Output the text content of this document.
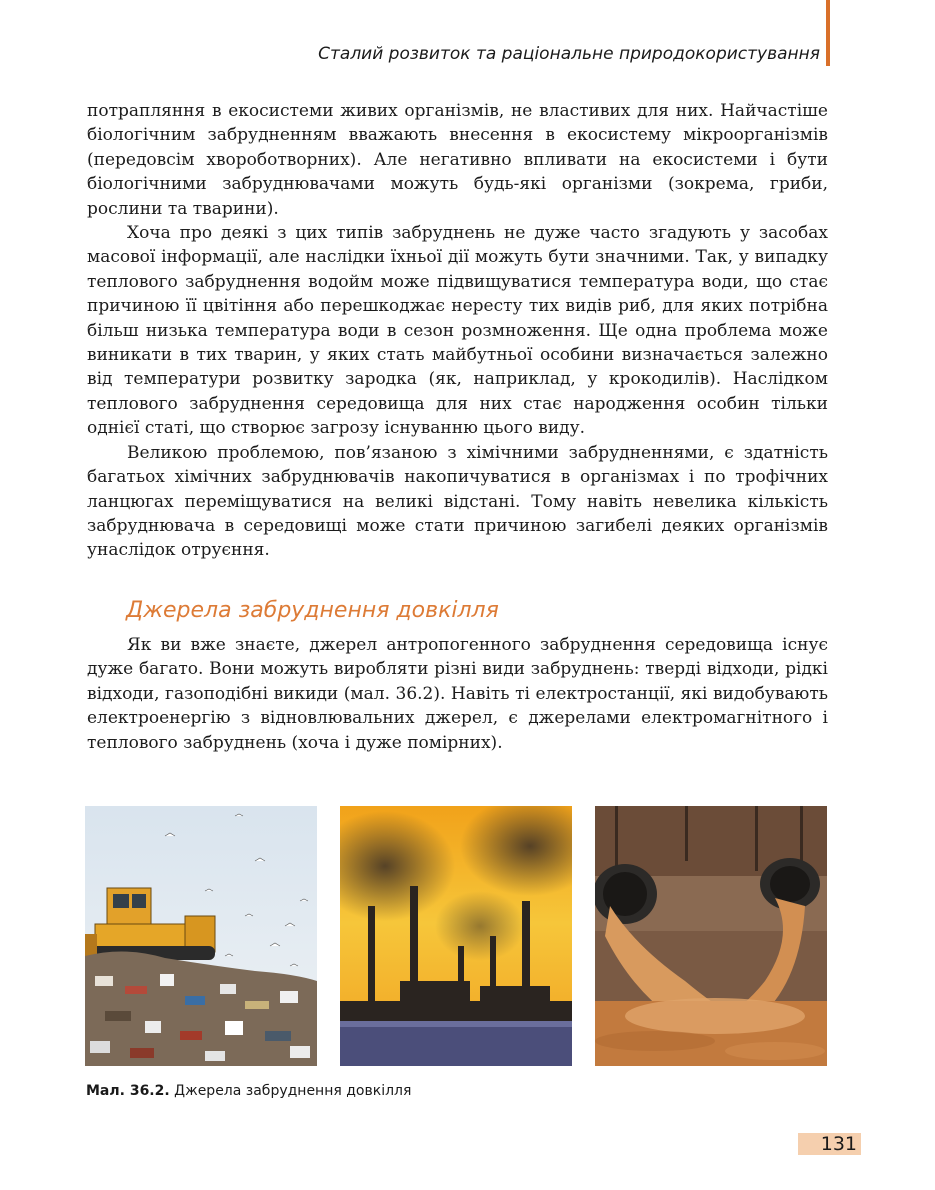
Сталий розвиток та раціональне природокористування

потрапляння в екосистеми живих організмів, не властивих для них. Найчастіше біологічним забрудненням вважають внесення в екосистему мікроорганізмів (передовсім хвороботворних). Але негативно впливати на екосистеми і бути біологічними забруднювачами можуть будь-які організми (зокрема, гриби, рослини та тварини).

Хоча про деякі з цих типів забруднень не дуже часто згадують у засобах масової інформації, але наслідки їхньої дії можуть бути значними. Так, у випадку теплового забруднення водойм може підвищуватися температура води, що стає причиною її цвітіння або перешкоджає нересту тих видів риб, для яких потрібна більш низька температура води в сезон розмноження. Ще одна проблема може виникати в тих тварин, у яких стать майбутньої особини визначається залежно від температури розвитку зародка (як, наприклад, у крокодилів). Наслідком теплового забруднення середовища для них стає народження особин тільки однієї статі, що створює загрозу існуванню цього виду.

Великою проблемою, пов’язаною з хімічними забрудненнями, є здатність багатьох хімічних забруднювачів накопичуватися в організмах і по трофічних ланцюгах переміщуватися на великі відстані. Тому навіть невелика кількість забруднювача в середовищі може стати причиною загибелі деяких організмів унаслідок отруєння.

Джерела забруднення довкілля

Як ви вже знаєте, джерел антропогенного забруднення середовища існує дуже багато. Вони можуть виробляти різні види забруднень: тверді відходи, рідкі відходи, газоподібні викиди (мал. 36.2). Навіть ті електростанції, які видобувають електроенергію з відновлювальних джерел, є джерелами електромагнітного і теплового забруднень (хоча і дуже помірних).

Мал. 36.2. Джерела забруднення довкілля
131
